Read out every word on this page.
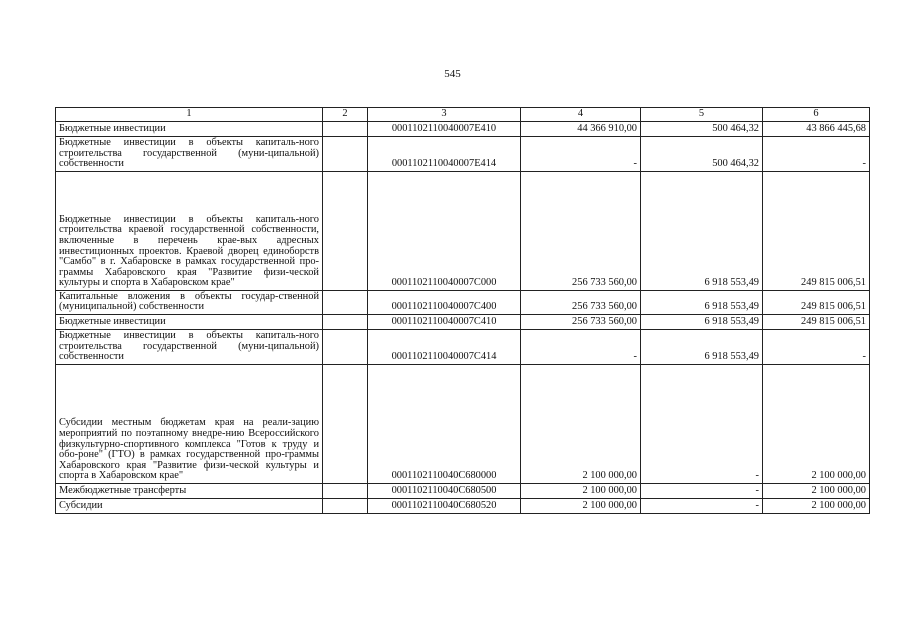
545
1	2	3	4	5	6
Бюджетные инвестиции		0001102110040007E410	44 366 910,00	500 464,32	43 866 445,68
Бюджетные инвестиции в объекты капиталь-ного строительства государственной (муни-ципальной) собственности		0001102110040007E414	-	500 464,32	-
Бюджетные инвестиции в объекты капиталь-ного строительства краевой государственной собственности, включенные в перечень крае-вых адресных инвестиционных проектов. Краевой дворец единоборств "Самбо" в г. Хабаровске в рамках государственной про-граммы Хабаровского края "Развитие физи-ческой культуры и спорта в Хабаровском крае"		0001102110040007C000	256 733 560,00	6 918 553,49	249 815 006,51
Капитальные вложения в объекты государ-ственной (муниципальной) собственности		0001102110040007C400	256 733 560,00	6 918 553,49	249 815 006,51
Бюджетные инвестиции		0001102110040007C410	256 733 560,00	6 918 553,49	249 815 006,51
Бюджетные инвестиции в объекты капиталь-ного строительства государственной (муни-ципальной) собственности		0001102110040007C414	-	6 918 553,49	-
Субсидии местным бюджетам края на реали-зацию мероприятий по поэтапному внедре-нию Всероссийского физкультурно-спортивного комплекса "Готов к труду и обо-роне" (ГТО) в рамках государственной про-граммы Хабаровского края "Развитие физи-ческой культуры и спорта в Хабаровском крае"		0001102110040C680000	2 100 000,00	-	2 100 000,00
Межбюджетные трансферты		0001102110040C680500	2 100 000,00	-	2 100 000,00
Субсидии		0001102110040C680520	2 100 000,00	-	2 100 000,00
